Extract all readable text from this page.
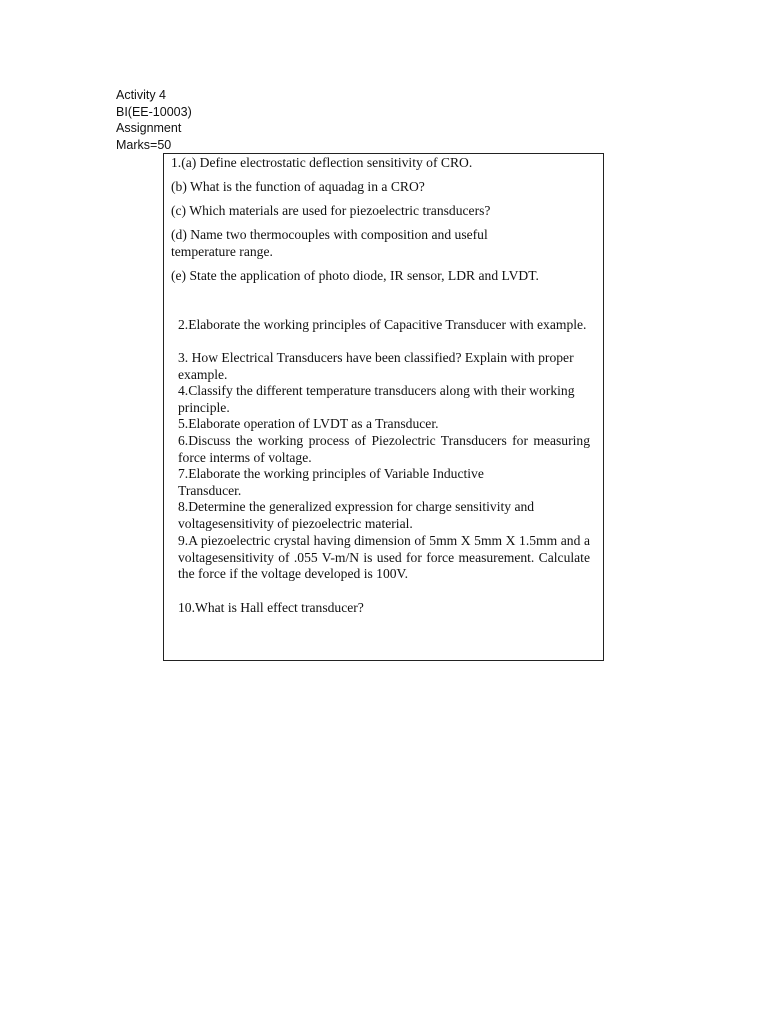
Activity 4
BI(EE-10003)
Assignment
Marks=50
1.(a) Define electrostatic deflection sensitivity of CRO.
(b) What is the function of aquadag in a CRO?
(c) Which materials are used for piezoelectric transducers?
(d) Name two thermocouples with composition and useful temperature range.
(e) State the application of photo diode, IR sensor, LDR and LVDT.
2.Elaborate the working principles of Capacitive Transducer with example.
3. How Electrical Transducers have been classified? Explain with proper example.
4.Classify the different temperature transducers along with their working principle.
5.Elaborate operation of LVDT as a Transducer.
6.Discuss the working process of Piezolectric Transducers for measuring force interms of voltage.
7.Elaborate the working principles of Variable Inductive Transducer.
8.Determine the generalized expression for charge sensitivity and voltagesensitivity of piezoelectric material.
9.A piezoelectric crystal having dimension of 5mm X 5mm X 1.5mm and a voltagesensitivity of .055 V-m/N is used for force measurement. Calculate the force if the voltage developed is 100V.
10.What is Hall effect transducer?
